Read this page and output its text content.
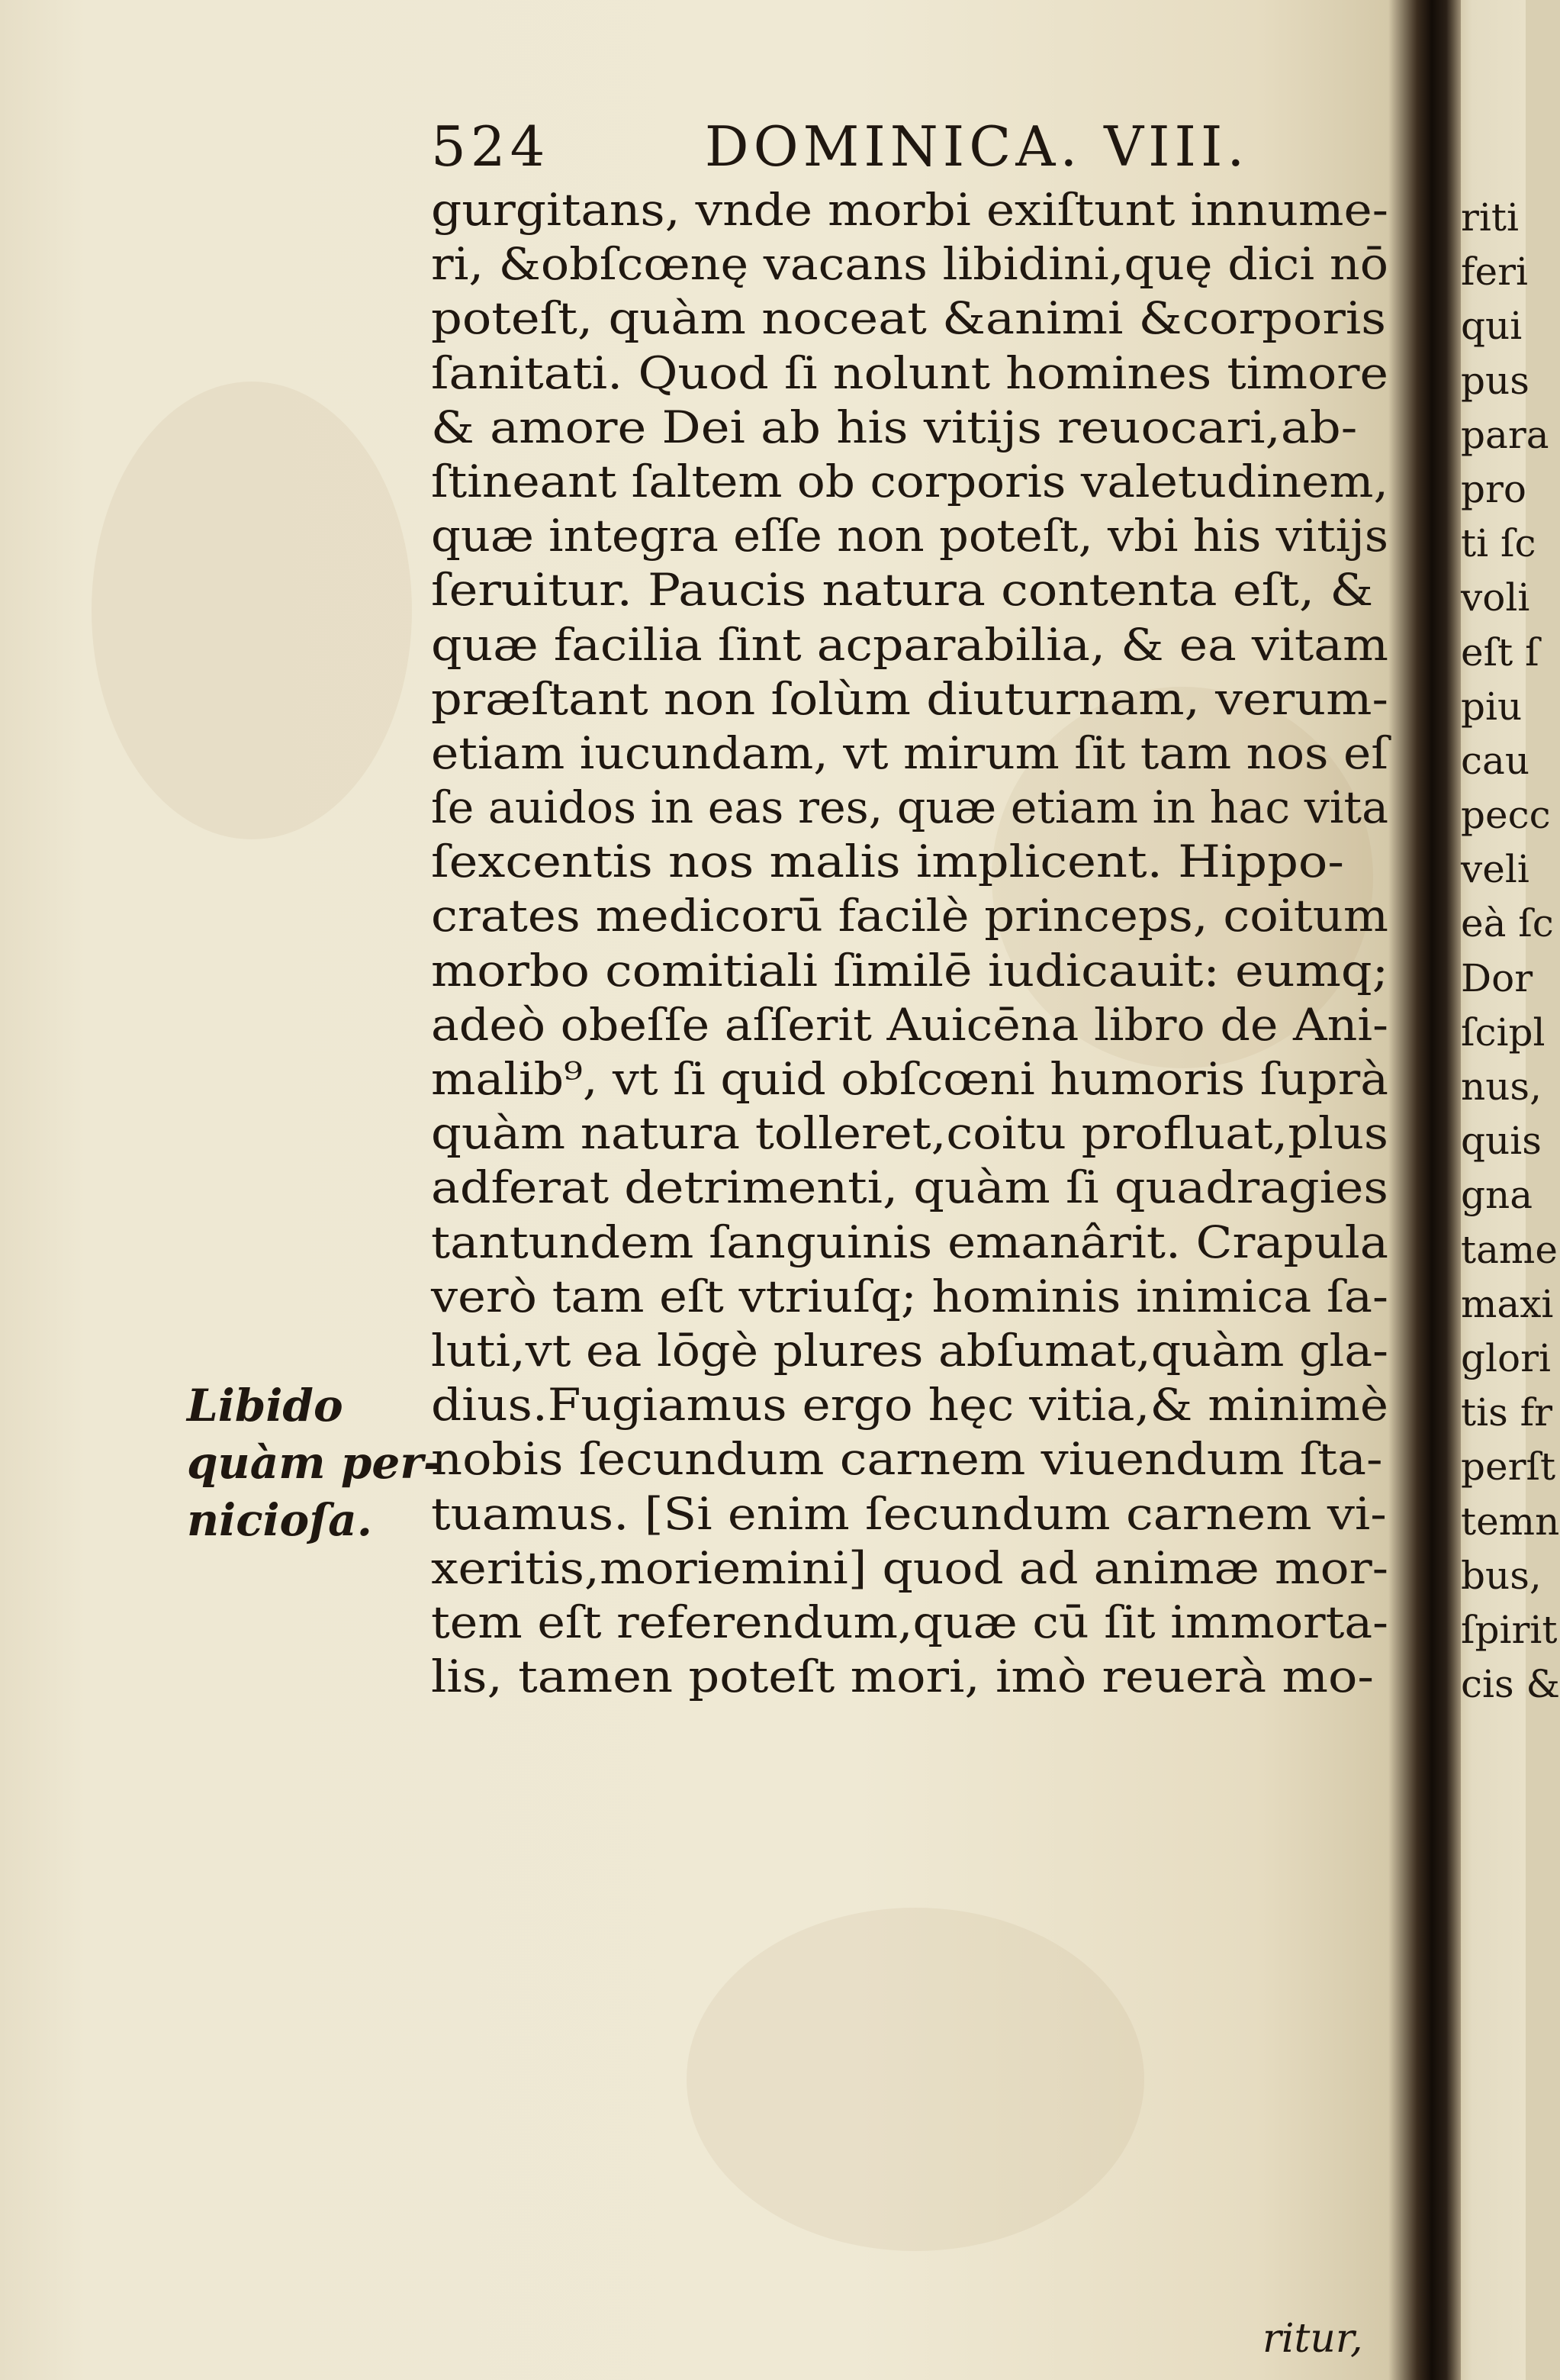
riti
feri
qui
pus
para
pro
ti ſc
voli
eſt ſ
piu
cau
pecc
veli
eà ſc
Dor
ſcipl
nus,
quis
gna
tame
maxi
glori
tis fr
perſt
temn
bus,
ſpirit
cis &
524	DOMINICA. VIII.
gurgitans, vnde morbi exiſtunt innume-
ri, &obſcœnę vacans libidini,quę dici nō
poteſt, quàm noceat &animi &corporis
ſanitati. Quod ſi nolunt homines timore
& amore Dei ab his vitijs reuocari,ab-
ſtineant ſaltem ob corporis valetudinem,
quæ integra eſſe non poteſt, vbi his vitijs
ſeruitur. Paucis natura contenta eſt, &
quæ facilia ſint acparabilia, & ea vitam
præſtant non ſolùm diuturnam, verum-
etiam iucundam, vt mirum ſit tam nos eſ
ſe auidos in eas res, quæ etiam in hac vita
ſexcentis nos malis implicent. Hippo-
crates medicorū facilè princeps, coitum
morbo comitiali ſimilē iudicauit: eumq;
adeò obeſſe aſſerit Auicēna libro de Ani-
malib⁹, vt ſi quid obſcœni humoris ſuprà
quàm natura tolleret,coitu profluat,plus
adferat detrimenti, quàm ſi quadragies
tantundem ſanguinis emanârit. Crapula
verò tam eſt vtriuſq; hominis inimica ſa-
luti,vt ea lōgè plures abſumat,quàm gla-
dius.Fugiamus ergo hęc vitia,& minimè
nobis ſecundum carnem viuendum ſta-
tuamus. [Si enim ſecundum carnem vi-
xeritis,moriemini] quod ad animæ mor-
tem eſt referendum,quæ cū ſit immorta-
lis, tamen poteſt mori, imò reuerà mo-
ritur,
Libido
quàm per-
nicioſa.
